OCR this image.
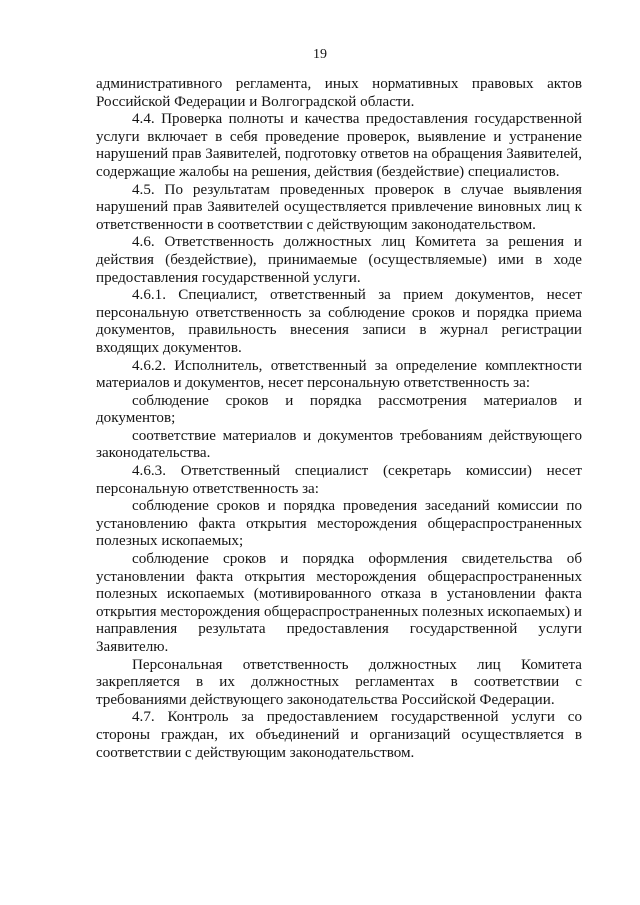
19

административного регламента, иных нормативных правовых актов Российской Федерации и Волгоградской области.

4.4. Проверка полноты и качества предоставления государственной услуги включает в себя проведение проверок, выявление и устранение нарушений прав Заявителей, подготовку ответов на обращения Заявителей, содержащие жалобы на решения, действия (бездействие) специалистов.

4.5. По результатам проведенных проверок в случае выявления нарушений прав Заявителей осуществляется привлечение виновных лиц к ответственности в соответствии с действующим законодательством.

4.6. Ответственность должностных лиц Комитета за решения и действия (бездействие), принимаемые (осуществляемые) ими в ходе предоставления государственной услуги.

4.6.1. Специалист, ответственный за прием документов, несет персональную ответственность за соблюдение сроков и порядка приема документов, правильность внесения записи в журнал регистрации входящих документов.

4.6.2. Исполнитель, ответственный за определение комплектности материалов и документов, несет персональную ответственность за:

соблюдение сроков и порядка рассмотрения материалов и документов;

соответствие материалов и документов требованиям действующего законодательства.

4.6.3. Ответственный специалист (секретарь комиссии) несет персональную ответственность за:

соблюдение сроков и порядка проведения заседаний комиссии по установлению факта открытия месторождения общераспространенных полезных ископаемых;

соблюдение сроков и порядка оформления свидетельства об установлении факта открытия месторождения общераспространенных полезных ископаемых (мотивированного отказа в установлении факта открытия месторождения общераспространенных полезных ископаемых) и направления результата предоставления государственной услуги Заявителю.

Персональная ответственность должностных лиц Комитета закрепляется в их должностных регламентах в соответствии с требованиями действующего законодательства Российской Федерации.

4.7. Контроль за предоставлением государственной услуги со стороны граждан, их объединений и организаций осуществляется в соответствии с действующим законодательством.
